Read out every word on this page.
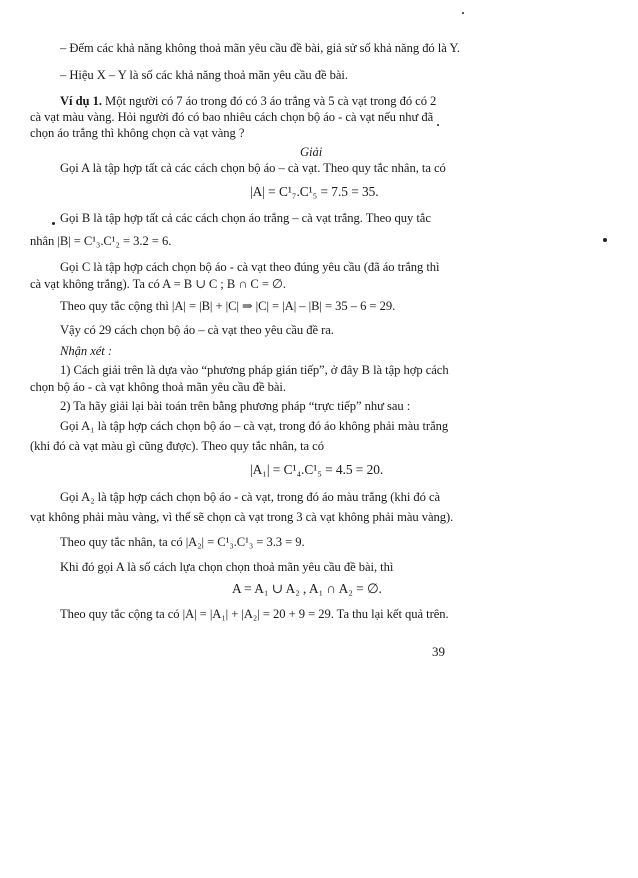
– Đếm các khả năng không thoả mãn yêu cầu đề bài, giả sử số khả năng đó là Y.
– Hiệu X – Y là số các khả năng thoả mãn yêu cầu đề bài.
Ví dụ 1. Một người có 7 áo trong đó có 3 áo trắng và 5 cà vạt trong đó có 2
cà vạt màu vàng. Hỏi người đó có bao nhiêu cách chọn bộ áo - cà vạt nếu như đã
chọn áo trắng thì không chọn cà vạt vàng ?
Giải
Gọi A là tập hợp tất cả các cách chọn bộ áo – cà vạt. Theo quy tắc nhân, ta có
|A| = C¹₇.C¹₅ = 7.5 = 35.
Gọi B là tập hợp tất cả các cách chọn áo trắng – cà vạt trắng. Theo quy tắc
nhân |B| = C¹₃.C¹₂ = 3.2 = 6.
Gọi C là tập hợp cách chọn bộ áo - cà vạt theo đúng yêu cầu (đã áo trắng thì
cà vạt không trắng). Ta có A = B ∪ C ; B ∩ C = ∅.
Theo quy tắc cộng thì |A| = |B| + |C| ⇒ |C| = |A| – |B| = 35 – 6 = 29.
Vậy có 29 cách chọn bộ áo – cà vạt theo yêu cầu đề ra.
Nhận xét :
1) Cách giải trên là dựa vào “phương pháp gián tiếp”, ở đây B là tập hợp cách
chọn bộ áo - cà vạt không thoả mãn yêu cầu đề bài.
2) Ta hãy giải lại bài toán trên bằng phương pháp “trực tiếp” như sau :
Gọi A₁ là tập hợp cách chọn bộ áo – cà vạt, trong đó áo không phải màu trắng
(khi đó cà vạt màu gì cũng được). Theo quy tắc nhân, ta có
|A₁| = C¹₄.C¹₅ = 4.5 = 20.
Gọi A₂ là tập hợp cách chọn bộ áo - cà vạt, trong đó áo màu trắng (khi đó cà
vạt không phải màu vàng, vì thế sẽ chọn cà vạt trong 3 cà vạt không phải màu vàng).
Theo quy tắc nhân, ta có |A₂| = C¹₃.C¹₃ = 3.3 = 9.
Khi đó gọi A là số cách lựa chọn chọn thoả mãn yêu cầu đề bài, thì
A = A₁ ∪ A₂ , A₁ ∩ A₂ = ∅.
Theo quy tắc cộng ta có |A| = |A₁| + |A₂| = 20 + 9 = 29. Ta thu lại kết quả trên.
39
